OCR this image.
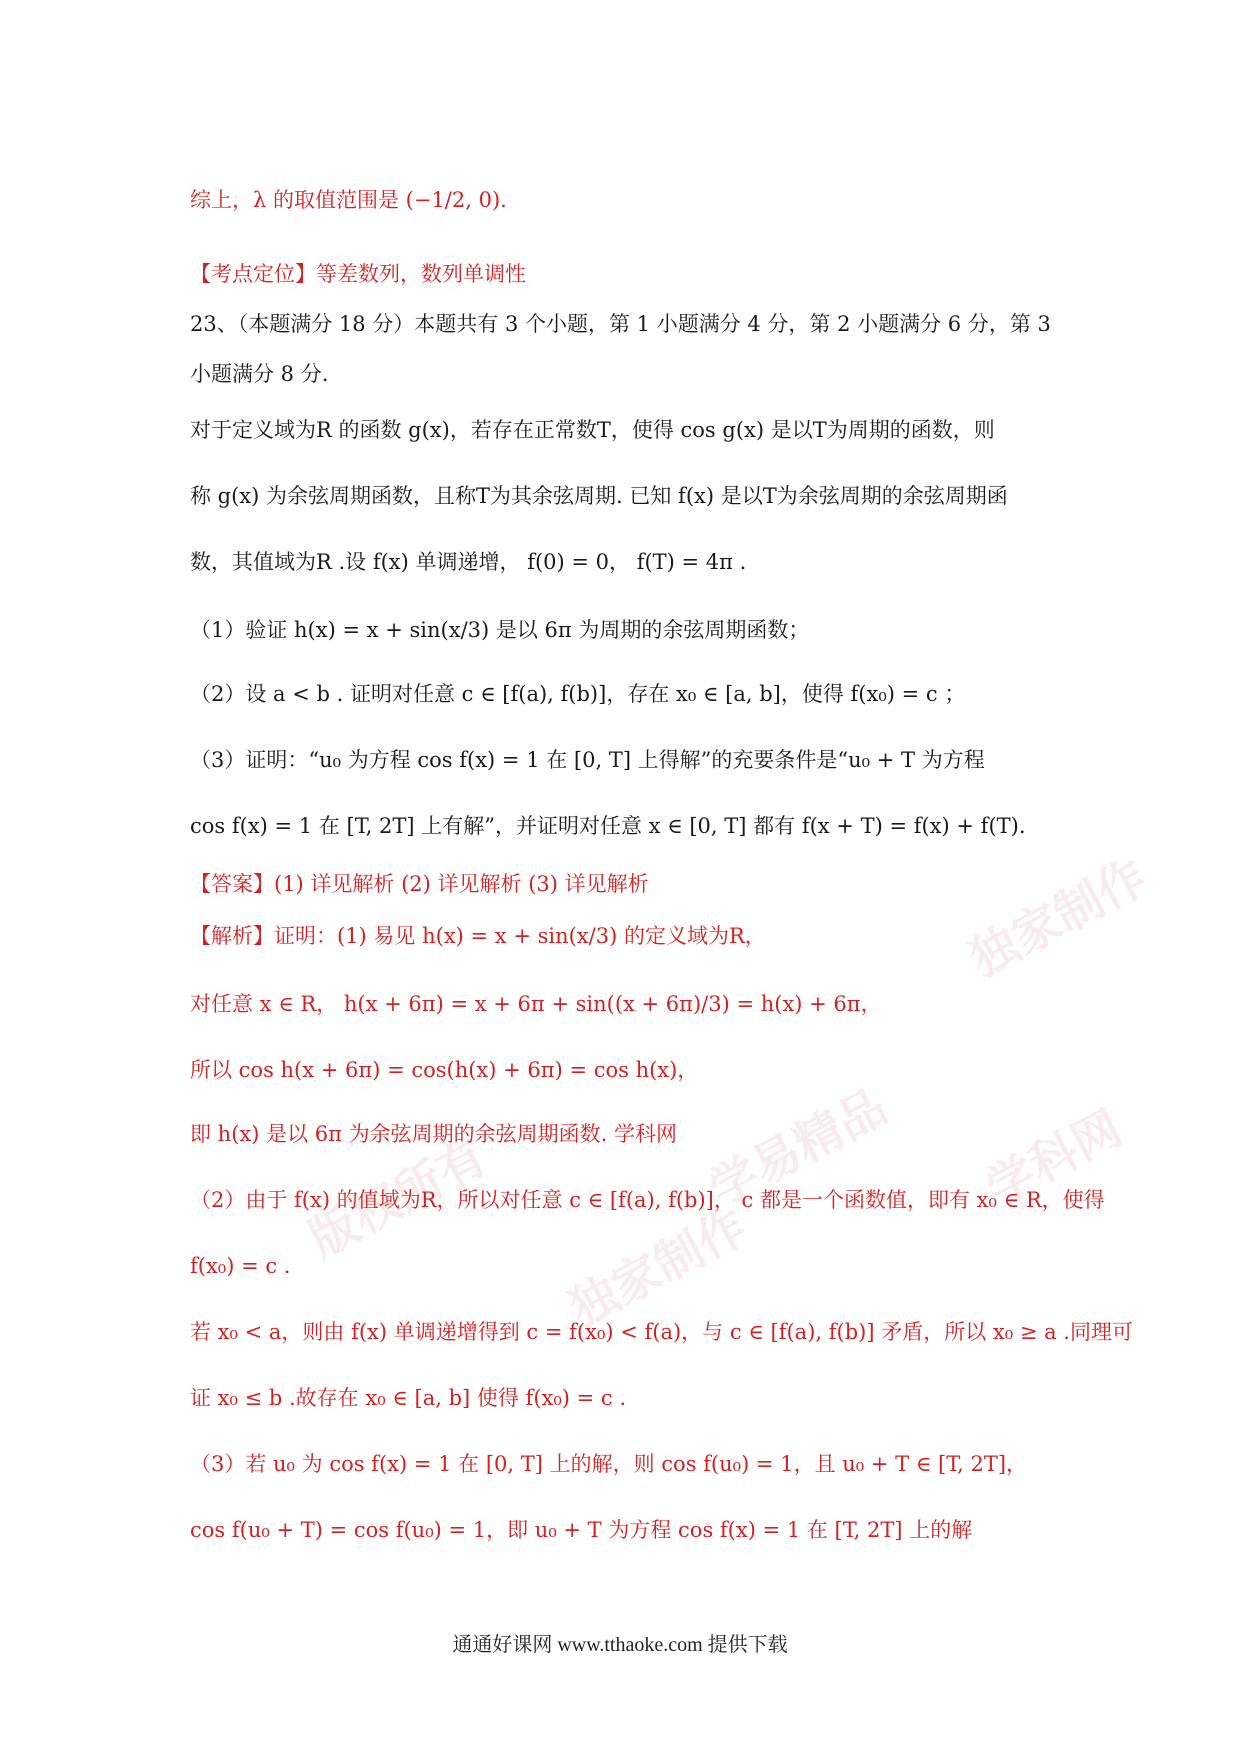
独家制作
学易精品 学科网
独家制作
版权所有
综上，λ 的取值范围是 (−1/2, 0).
【考点定位】等差数列，数列单调性
23、（本题满分 18 分）本题共有 3 个小题，第 1 小题满分 4 分，第 2 小题满分 6 分，第 3
小题满分 8 分.
对于定义域为R 的函数 g(x)，若存在正常数T，使得 cos g(x) 是以T为周期的函数，则
称 g(x) 为余弦周期函数，且称T为其余弦周期. 已知 f(x) 是以T为余弦周期的余弦周期函
数，其值域为R .设 f(x) 单调递增， f(0) = 0， f(T) = 4π .
（1）验证 h(x) = x + sin(x/3) 是以 6π 为周期的余弦周期函数；
（2）设 a < b . 证明对任意 c ∈ [f(a), f(b)]，存在 x₀ ∈ [a, b]，使得 f(x₀) = c ；
（3）证明：“u₀ 为方程 cos f(x) = 1 在 [0, T] 上得解”的充要条件是“u₀ + T 为方程
cos f(x) = 1 在 [T, 2T] 上有解”，并证明对任意 x ∈ [0, T] 都有 f(x + T) = f(x) + f(T).
【答案】(1) 详见解析 (2) 详见解析 (3) 详见解析
【解析】证明：(1) 易见 h(x) = x + sin(x/3) 的定义域为R，
对任意 x ∈ R， h(x + 6π) = x + 6π + sin((x + 6π)/3) = h(x) + 6π，
所以 cos h(x + 6π) = cos(h(x) + 6π) = cos h(x)，
即 h(x) 是以 6π 为余弦周期的余弦周期函数. 学科网
（2）由于 f(x) 的值域为R，所以对任意 c ∈ [f(a), f(b)]， c 都是一个函数值，即有 x₀ ∈ R，使得
f(x₀) = c .
若 x₀ < a，则由 f(x) 单调递增得到 c = f(x₀) < f(a)，与 c ∈ [f(a), f(b)] 矛盾，所以 x₀ ≥ a .同理可
证 x₀ ≤ b .故存在 x₀ ∈ [a, b] 使得 f(x₀) = c .
（3）若 u₀ 为 cos f(x) = 1 在 [0, T] 上的解，则 cos f(u₀) = 1，且 u₀ + T ∈ [T, 2T]，
cos f(u₀ + T) = cos f(u₀) = 1，即 u₀ + T 为方程 cos f(x) = 1 在 [T, 2T] 上的解
通通好课网 www.tthaoke.com 提供下载
